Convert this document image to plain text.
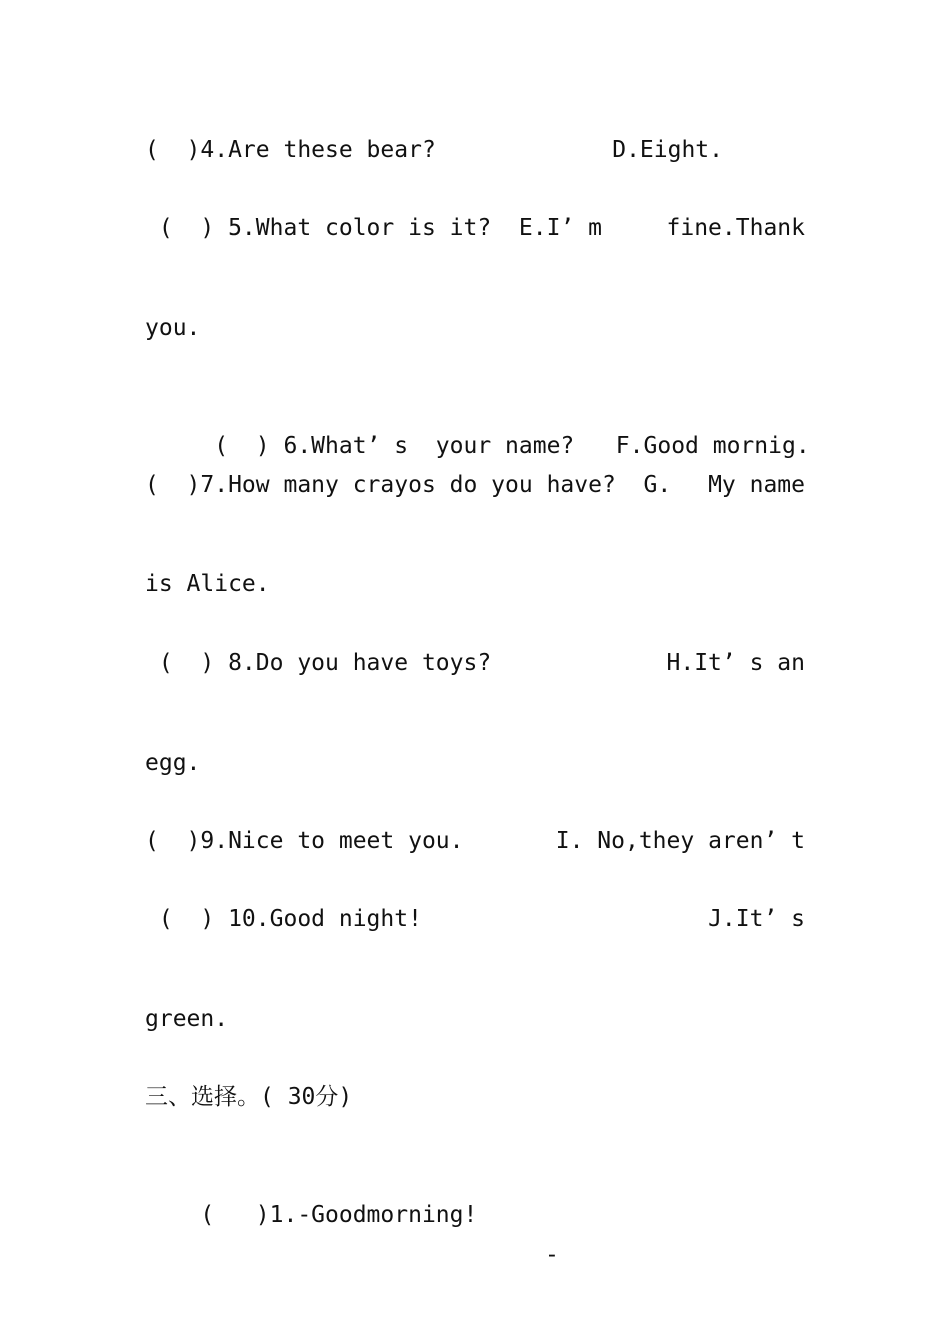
(  )4.Are these bear?	D.Eight.
(  ) 5.What color is it?  E.I’ m	fine.Thank
you.

(  ) 6.What’ s  your name?   F.Good mornig.

(  )7.How many crayos do you have?  G. My name
is Alice.
(  ) 8.Do you have toys?	H.It’ s an
egg.
(  )9.Nice to meet you.	I. No,they aren’ t
(  ) 10.Good night!	J.It’ s
green.
三、选择。( 30分)

(   )1.-Goodmorning!

-
